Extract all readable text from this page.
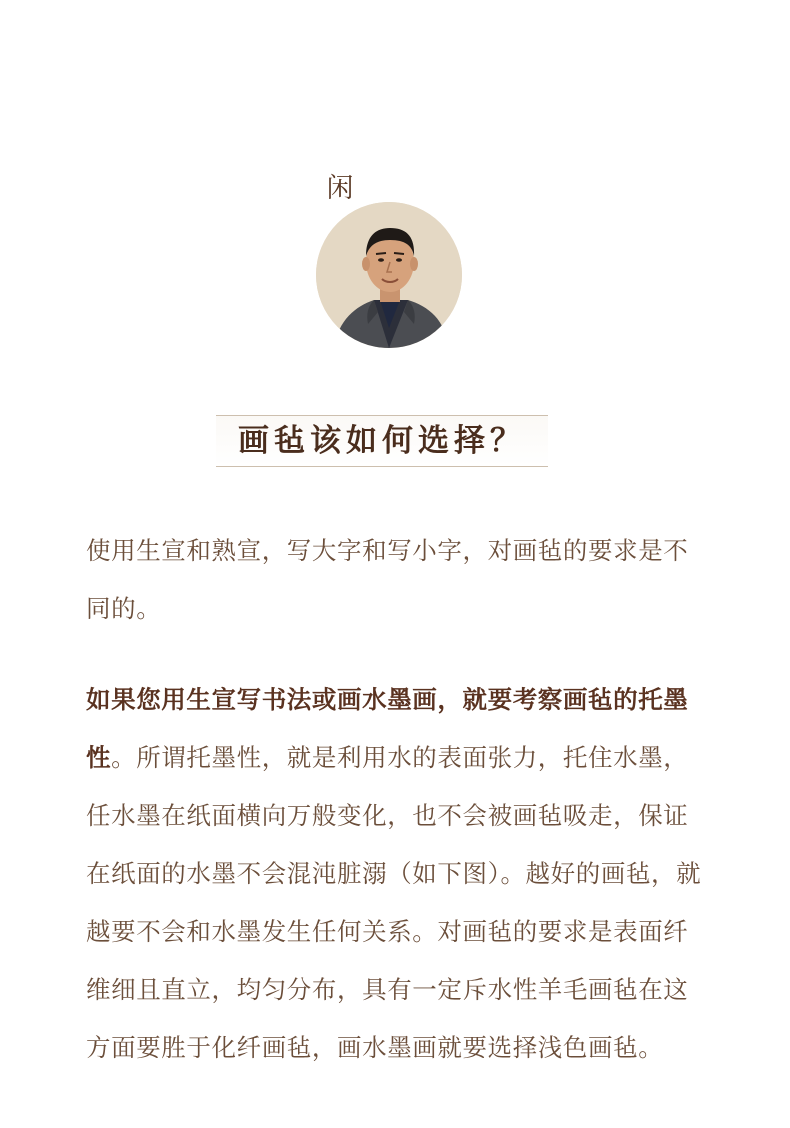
闲
画毡该如何选择？

使用生宣和熟宣，写大字和写小字，对画毡的要求是不同的。

如果您用生宣写书法或画水墨画，就要考察画毡的托墨性。所谓托墨性，就是利用水的表面张力，托住水墨，任水墨在纸面横向万般变化，也不会被画毡吸走，保证在纸面的水墨不会混沌脏溺（如下图）。越好的画毡，就越要不会和水墨发生任何关系。对画毡的要求是表面纤维细且直立，均匀分布，具有一定斥水性羊毛画毡在这方面要胜于化纤画毡，画水墨画就要选择浅色画毡。
